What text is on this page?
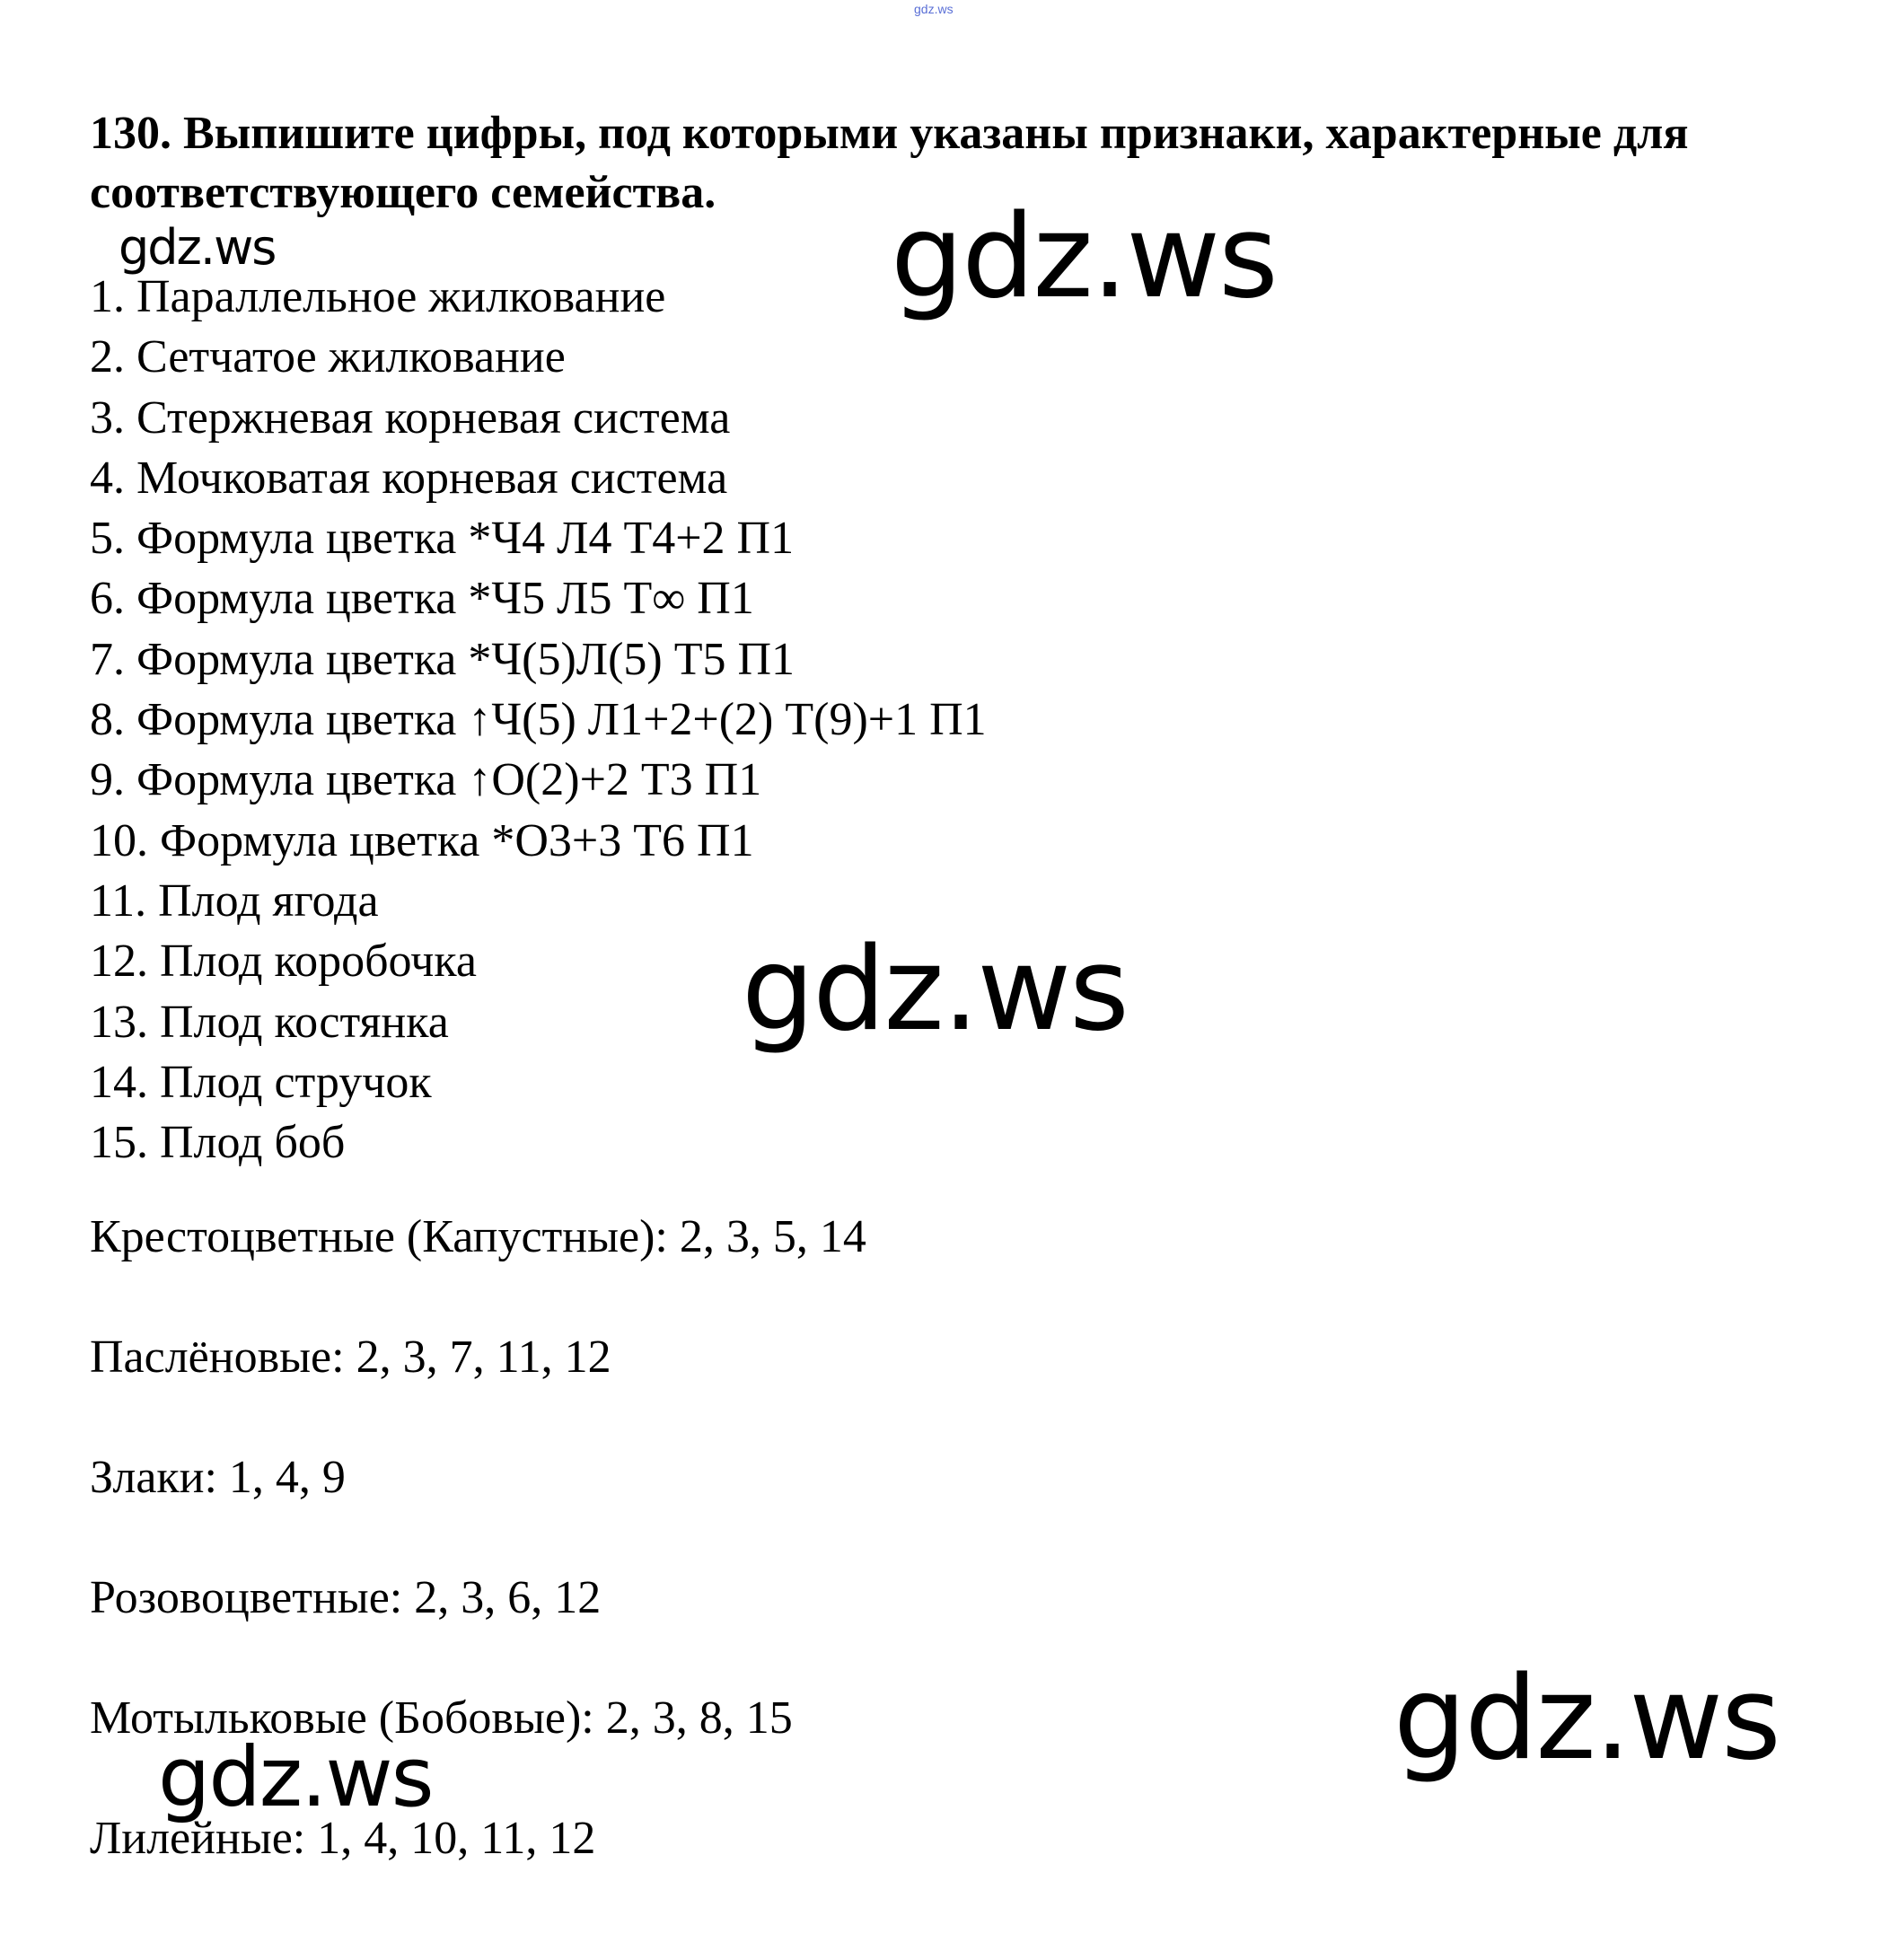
gdz.ws
130. Выпишите цифры, под которыми указаны признаки, характерные для соответствующего семейства.
1. Параллельное жилкование
2. Сетчатое жилкование
3. Стержневая корневая система
4. Мочковатая корневая система
5. Формула цветка *Ч4 Л4 Т4+2 П1
6. Формула цветка *Ч5 Л5 Т∞ П1
7. Формула цветка *Ч(5)Л(5) Т5 П1
8. Формула цветка ↑Ч(5) Л1+2+(2) Т(9)+1 П1
9. Формула цветка ↑О(2)+2 Т3 П1
10. Формула цветка *О3+3 Т6 П1
11. Плод ягода
12. Плод коробочка
13. Плод костянка
14. Плод стручок
15. Плод боб
Крестоцветные (Капустные): 2, 3, 5, 14
Паслёновые: 2, 3, 7, 11, 12
Злаки: 1, 4, 9
Розовоцветные: 2, 3, 6, 12
Мотыльковые (Бобовые): 2, 3, 8, 15
Лилейные: 1, 4, 10, 11, 12
gdz.ws	gdz.ws
gdz.ws
gdz.ws
gdz.ws
